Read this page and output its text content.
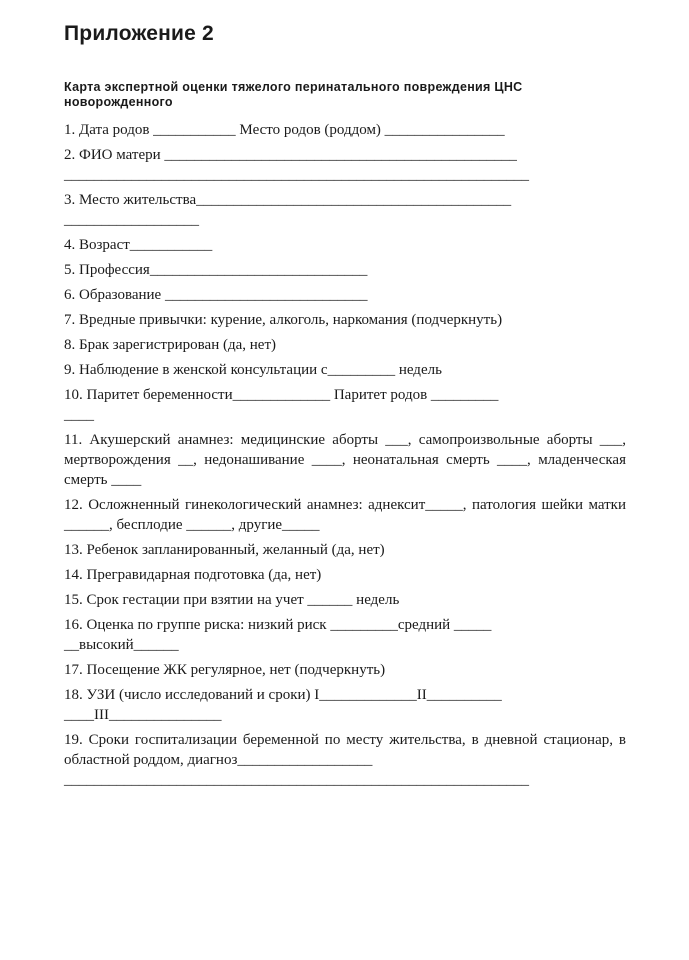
Приложение 2
Карта экспертной оценки тяжелого перинатального повреждения ЦНС новорожденного
1. Дата родов ___________ Место родов (роддом) ________________
2. ФИО матери _______________________________________________
______________________________________________________________
3. Место жительства__________________________________________
__________________
4. Возраст___________
5. Профессия_____________________________
6. Образование ___________________________
7. Вредные привычки: курение, алкоголь, наркомания (подчеркнуть)
8. Брак зарегистрирован (да, нет)
9. Наблюдение в женской консультации с_________ недель
10. Паритет беременности_____________ Паритет родов _________
____
11. Акушерский анамнез: медицинские аборты ___, самопроизвольные аборты ___, мертворождения __, недонашивание ____, неонатальная смерть ____, младенческая смерть ____
12. Осложненный гинекологический анамнез: аднексит_____, патология шейки матки ______, бесплодие ______, другие_____
13. Ребенок запланированный, желанный (да, нет)
14. Прегравидарная подготовка (да, нет)
15. Срок гестации при взятии на учет ______ недель
16. Оценка по группе риска: низкий риск _________средний _____
__высокий______
17. Посещение ЖК регулярное, нет (подчеркнуть)
18. УЗИ (число исследований и сроки) I_____________II__________
____III_______________
19. Сроки госпитализации беременной по месту жительства, в дневной стационар, в областной роддом, диагноз__________________
______________________________________________________________
